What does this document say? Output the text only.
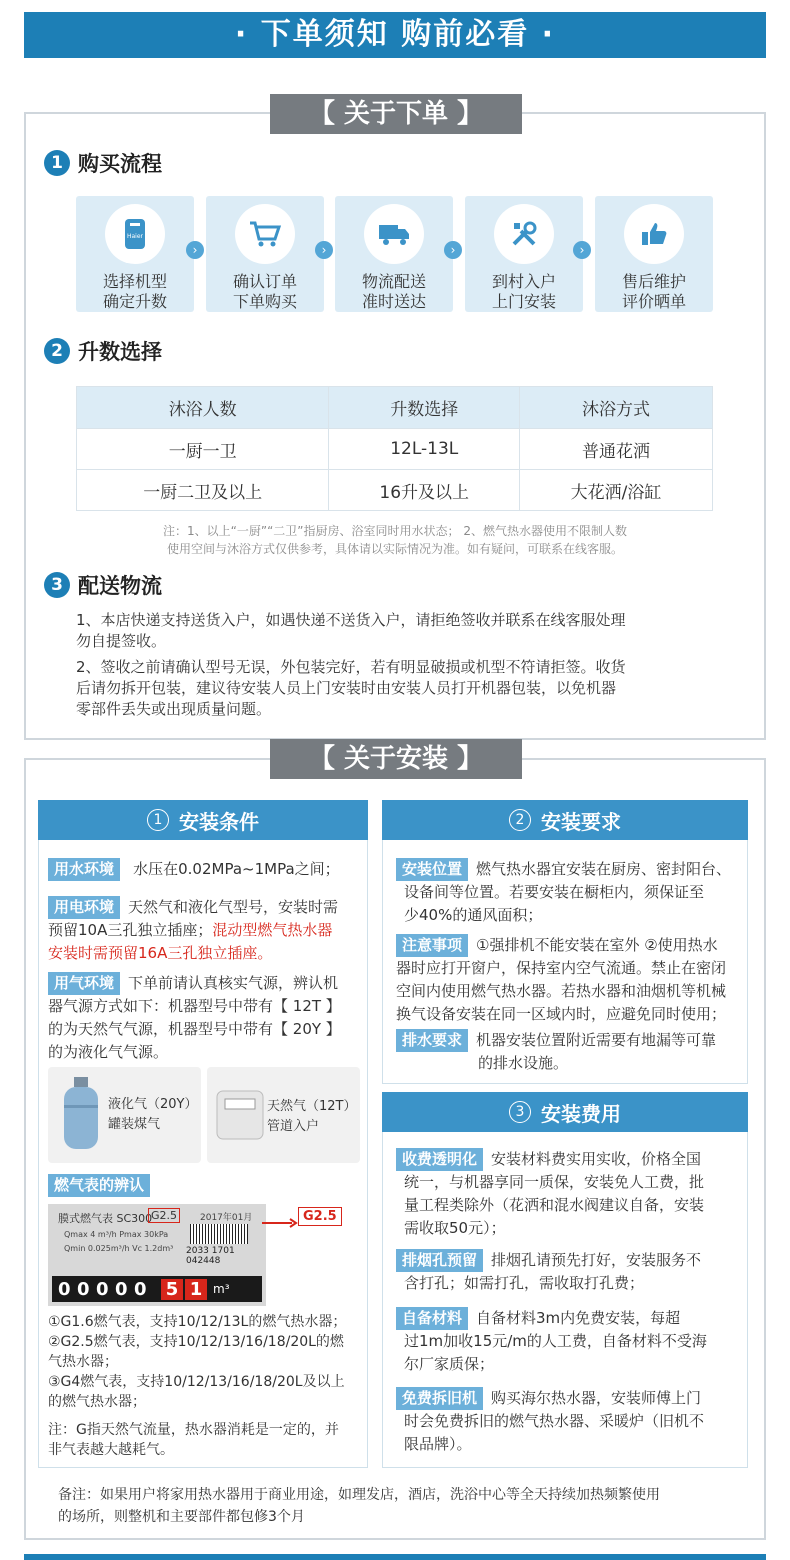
· 下单须知 购前必看 ·
【 关于下单 】
1 购买流程
Haier
选择机型
确定升数
›
确认订单
下单购买
›
物流配送
准时送达
›
到村入户
上门安装
›
售后维护
评价晒单
2 升数选择
沐浴人数	升数选择	沐浴方式
一厨一卫	12L-13L	普通花洒
一厨二卫及以上	16升及以上	大花洒/浴缸
注：1、以上“一厨”“二卫”指厨房、浴室同时用水状态； 2、燃气热水器使用不限制人数
使用空间与沐浴方式仅供参考，具体请以实际情况为准。如有疑问，可联系在线客服。
3 配送物流
1、本店快递支持送货入户，如遇快递不送货入户，请拒绝签收并联系在线客服处理
勿自提签收。
2、签收之前请确认型号无误，外包装完好，若有明显破损或机型不符请拒签。收货
后请勿拆开包装，建议待安装人员上门安装时由安装人员打开机器包装，以免机器
零部件丢失或出现质量问题。
【 关于安装 】
1 安装条件
用水环境 水压在0.02MPa~1MPa之间；
用电环境 天然气和液化气型号，安装时需
预留10A三孔独立插座；混动型燃气热水器
安装时需预留16A三孔独立插座。
用气环境 下单前请认真核实气源，辨认机
器气源方式如下：机器型号中带有【 12T 】
的为天然气气源，机器型号中带有【 20Y 】
的为液化气气源。
液化气（20Y）
罐装煤气
天然气（12T）
管道入户
燃气表的辨认
膜式燃气表 SC300
G2.5	2017年01月
Qmax 4 m³/h Pmax 30kPa
Qmin 0.025m³/h Vc 1.2dm³ 2033 1701 042448
0 0 0 0 0	5 1 m³
G2.5
①G1.6燃气表，支持10/12/13L的燃气热水器；
②G2.5燃气表，支持10/12/13/16/18/20L的燃
气热水器；
③G4燃气表，支持10/12/13/16/18/20L及以上
的燃气热水器；
注：G指天然气流量，热水器消耗是一定的，并
非气表越大越耗气。
2 安装要求
安装位置 燃气热水器宜安装在厨房、密封阳台、
设备间等位置。若要安装在橱柜内，须保证至
少40%的通风面积；
注意事项 ①强排机不能安装在室外 ②使用热水
器时应打开窗户，保持室内空气流通。禁止在密闭
空间内使用燃气热水器。若热水器和油烟机等机械
换气设备安装在同一区域内时，应避免同时使用；
排水要求 机器安装位置附近需要有地漏等可靠
的排水设施。
3 安装费用
收费透明化 安装材料费实用实收，价格全国
统一，与机器享同一质保，安装免人工费，批
量工程类除外（花洒和混水阀建议自备，安装
需收取50元）；
排烟孔预留 排烟孔请预先打好，安装服务不
含打孔；如需打孔，需收取打孔费；
自备材料 自备材料3m内免费安装，每超
过1m加收15元/m的人工费，自备材料不受海
尔厂家质保；
免费拆旧机 购买海尔热水器，安装师傅上门
时会免费拆旧的燃气热水器、采暖炉（旧机不
限品牌）。
备注：如果用户将家用热水器用于商业用途，如理发店，酒店，洗浴中心等全天持续加热频繁使用
的场所，则整机和主要部件都包修3个月
